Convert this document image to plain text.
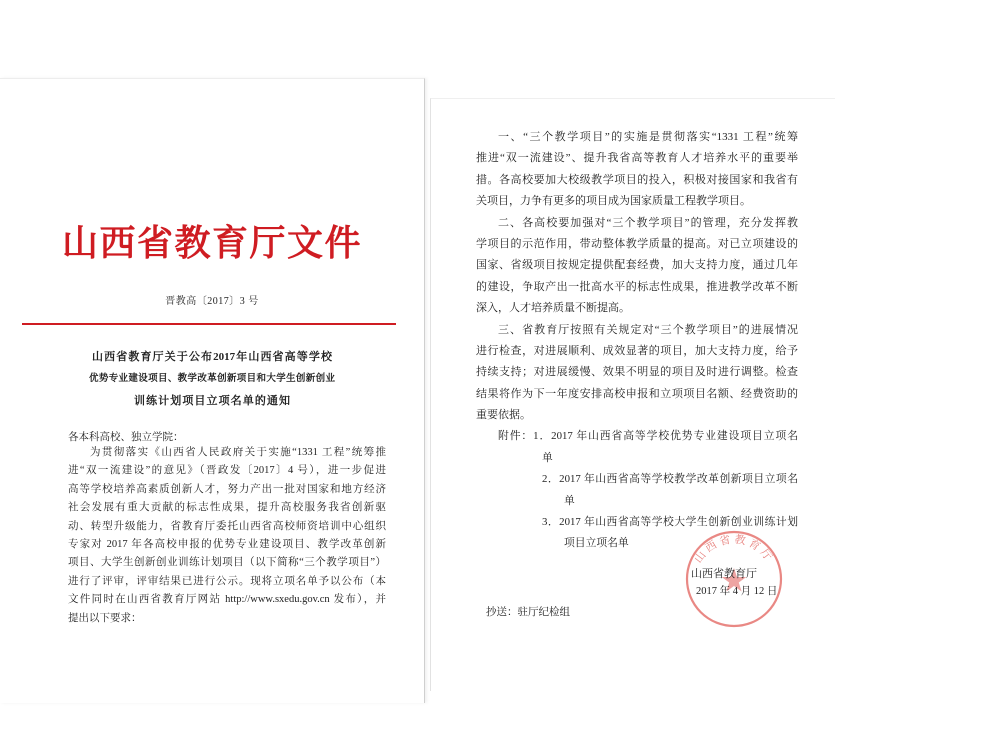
山西省教育厅文件
晋教高〔2017〕3 号
山西省教育厅关于公布2017年山西省高等学校
优势专业建设项目、教学改革创新项目和大学生创新创业
训练计划项目立项名单的通知
各本科高校、独立学院：
为贯彻落实《山西省人民政府关于实施“1331 工程”统筹推
进“双一流建设”的意见》（晋政发〔2017〕4 号），进一步促进
高等学校培养高素质创新人才，努力产出一批对国家和地方经济
社会发展有重大贡献的标志性成果，提升高校服务我省创新驱
动、转型升级能力，省教育厅委托山西省高校师资培训中心组织
专家对 2017 年各高校申报的优势专业建设项目、教学改革创新
项目、大学生创新创业训练计划项目（以下简称“三个教学项目”）
进行了评审，评审结果已进行公示。现将立项名单予以公布（本
文件同时在山西省教育厅网站 http://www.sxedu.gov.cn 发布），并
提出以下要求：
一、“三个教学项目”的实施是贯彻落实“1331 工程”统筹
推进“双一流建设”、提升我省高等教育人才培养水平的重要举
措。各高校要加大校级教学项目的投入，积极对接国家和我省有
关项目，力争有更多的项目成为国家质量工程教学项目。
二、各高校要加强对“三个教学项目”的管理，充分发挥教
学项目的示范作用，带动整体教学质量的提高。对已立项建设的
国家、省级项目按规定提供配套经费，加大支持力度，通过几年
的建设，争取产出一批高水平的标志性成果，推进教学改革不断
深入，人才培养质量不断提高。
三、省教育厅按照有关规定对“三个教学项目”的进展情况
进行检查，对进展顺利、成效显著的项目，加大支持力度，给予
持续支持；对进展缓慢、效果不明显的项目及时进行调整。检查
结果将作为下一年度安排高校申报和立项项目名额、经费资助的
重要依据。
附件：1．2017 年山西省高等学校优势专业建设项目立项名
单
2．2017 年山西省高等学校教学改革创新项目立项名
单
3．2017 年山西省高等学校大学生创新创业训练计划
项目立项名单
山西省教育厅
山西省教育厅
2017 年 4 月 12 日
抄送：驻厅纪检组
